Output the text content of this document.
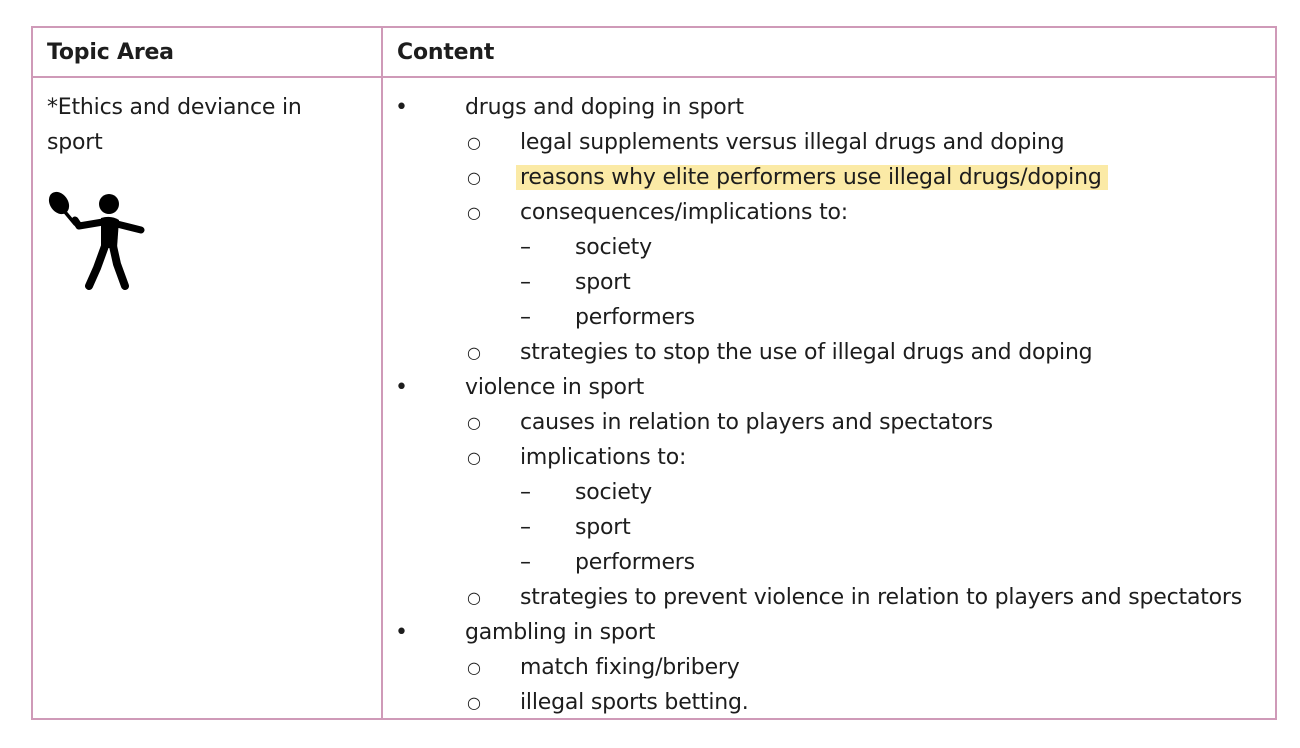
Topic Area	Content
*Ethics and deviance in sport
•	drugs and doping in sport
○ legal supplements versus illegal drugs and doping
○ reasons why elite performers use illegal drugs/doping
○ consequences/implications to:
– society
– sport
– performers
○ strategies to stop the use of illegal drugs and doping
•	violence in sport
○ causes in relation to players and spectators
○ implications to:
– society
– sport
– performers
○ strategies to prevent violence in relation to players and spectators
•	gambling in sport
○ match fixing/bribery
○ illegal sports betting.
